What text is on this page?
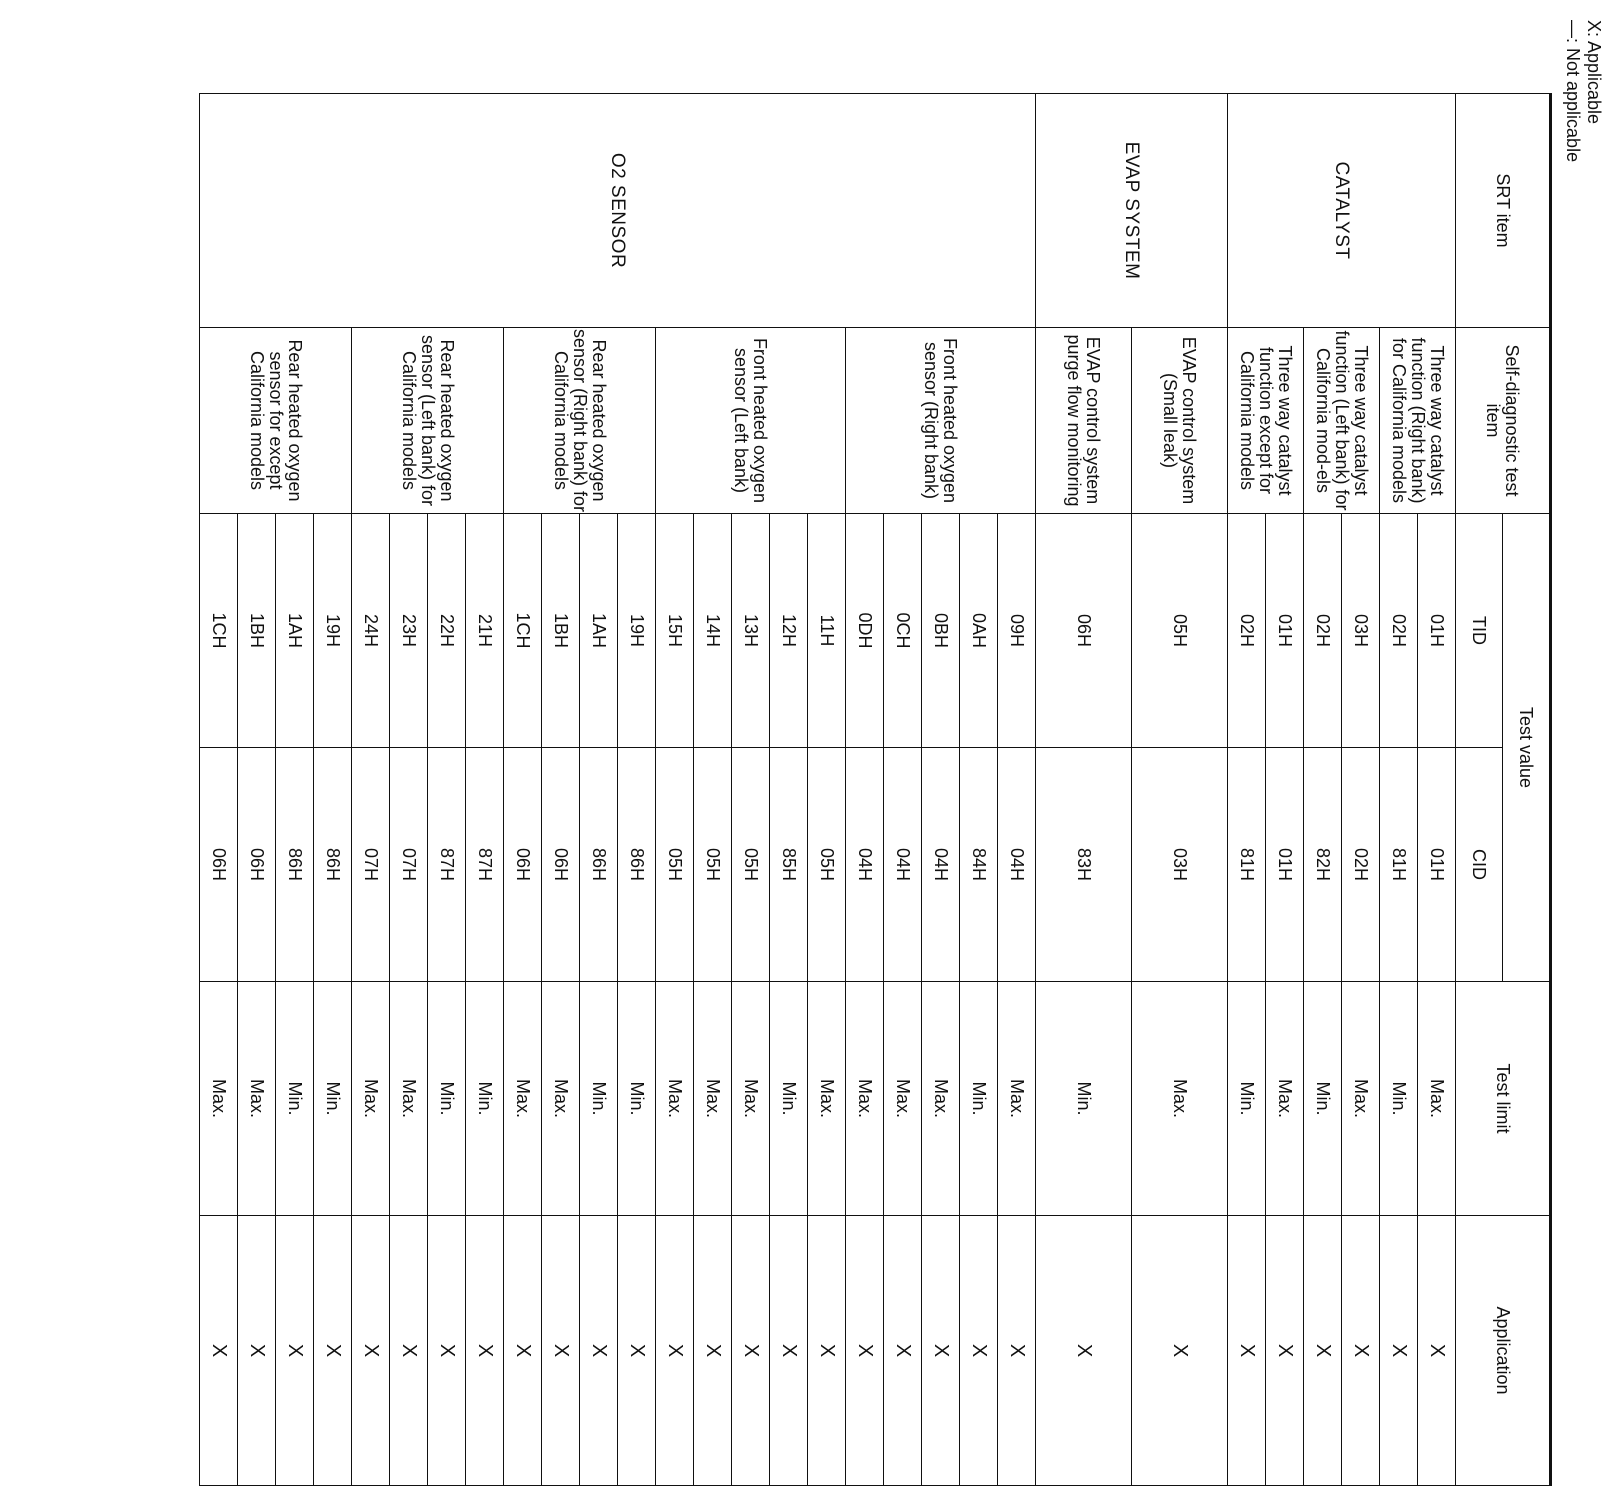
X: Applicable
—: Not applicable
SRT item	Self-diagnostic test item	Test value		Test limit	Application
		TID	CID		
CATALYST	Three way catalyst function (Right bank) for California models	01H	01H	Max.	X
		02H	81H	Min.	X
	Three way catalyst function (Left bank) for California mod-els	03H	02H	Max.	X
		02H	82H	Min.	X
	Three way catalyst function except for California models	01H	01H	Max.	X
		02H	81H	Min.	X
EVAP SYSTEM	EVAP control system (Small leak)	05H	03H	Max.	X
	EVAP control system purge flow monitoring	06H	83H	Min.	X
O2 SENSOR	Front heated oxygen sensor (Right bank)	09H	04H	Max.	X
		0AH	84H	Min.	X
		0BH	04H	Max.	X
		0CH	04H	Max.	X
		0DH	04H	Max.	X
	Front heated oxygen sensor (Left bank)	11H	05H	Max.	X
		12H	85H	Min.	X
		13H	05H	Max.	X
		14H	05H	Max.	X
		15H	05H	Max.	X
	Rear heated oxygen sensor (Right bank) for California models	19H	86H	Min.	X
		1AH	86H	Min.	X
		1BH	06H	Max.	X
		1CH	06H	Max.	X
	Rear heated oxygen sensor (Left bank) for California models	21H	87H	Min.	X
		22H	87H	Min.	X
		23H	07H	Max.	X
		24H	07H	Max.	X
	Rear heated oxygen sensor for except California models	19H	86H	Min.	X
		1AH	86H	Min.	X
		1BH	06H	Max.	X
		1CH	06H	Max.	X
